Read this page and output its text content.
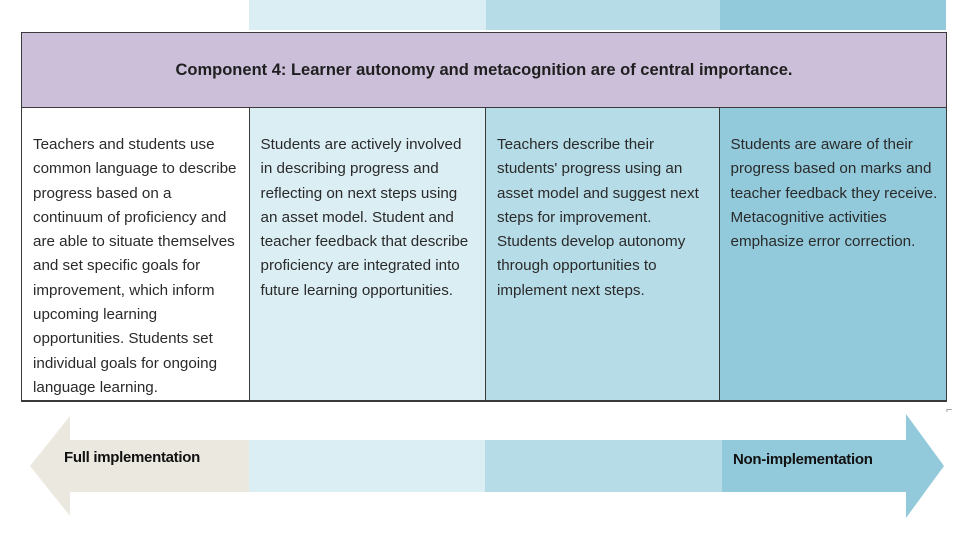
Component 4: Learner autonomy and metacognition are of central importance.
Teachers and students use common language to describe progress based on a continuum of proficiency and are able to situate themselves and set specific goals for improvement, which inform upcoming learning opportunities. Students set individual goals for ongoing language learning.
Students are actively involved in describing progress and reflecting on next steps using an asset model. Student and teacher feedback that describe proficiency are integrated into future learning opportunities.
Teachers describe their students' progress using an asset model and suggest next steps for improvement. Students develop autonomy through opportunities to implement next steps.
Students are aware of their progress based on marks and teacher feedback they receive. Metacognitive activities emphasize error correction.
⌐
Full implementation	Non-implementation
